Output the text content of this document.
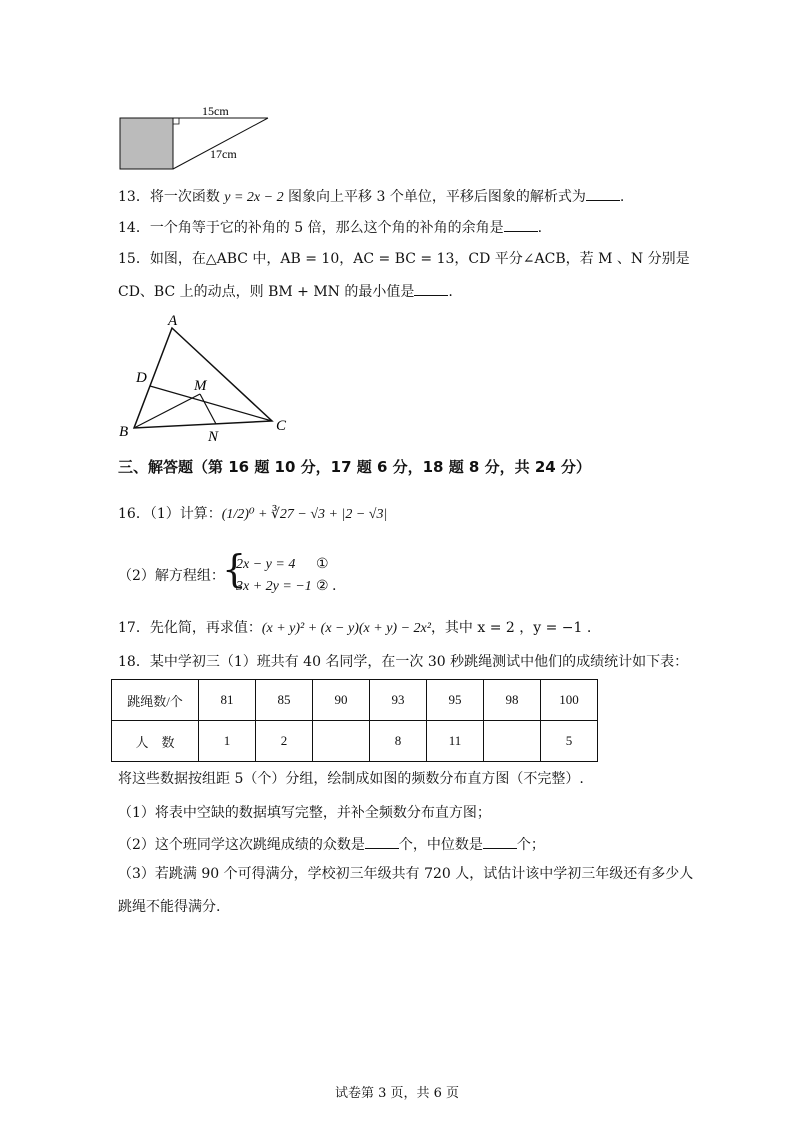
15cm
17cm
13．将一次函数 y = 2x − 2 图象向上平移 3 个单位，平移后图象的解析式为 .
14．一个角等于它的补角的 5 倍，那么这个角的补角的余角是 .
15．如图，在△ABC 中，AB = 10，AC = BC = 13，CD 平分∠ACB，若 M 、N 分别是
CD、BC 上的动点，则 BM + MN 的最小值是 .
A
B	C
D	M
N
三、解答题（第 16 题 10 分，17 题 6 分，18 题 8 分，共 24 分）
16．（1）计算：(1/2)⁰ + ∛27 − √3 + |2 − √3|
（2）解方程组：
{
2x − y = 4 ①
3x + 2y = −1 ② .
17．先化简，再求值：(x + y)² + (x − y)(x + y) − 2x²，其中 x = 2 ，y = −1 .
18．某中学初三（1）班共有 40 名同学，在一次 30 秒跳绳测试中他们的成绩统计如下表：
跳绳数/个	81	85	90	93	95	98	100
人　数	1	2		8	11		5
将这些数据按组距 5（个）分组，绘制成如图的频数分布直方图（不完整）.
（1）将表中空缺的数据填写完整，并补全频数分布直方图；
（2）这个班同学这次跳绳成绩的众数是 个，中位数是 个；
（3）若跳满 90 个可得满分，学校初三年级共有 720 人，试估计该中学初三年级还有多少人
跳绳不能得满分.
试卷第 3 页，共 6 页
